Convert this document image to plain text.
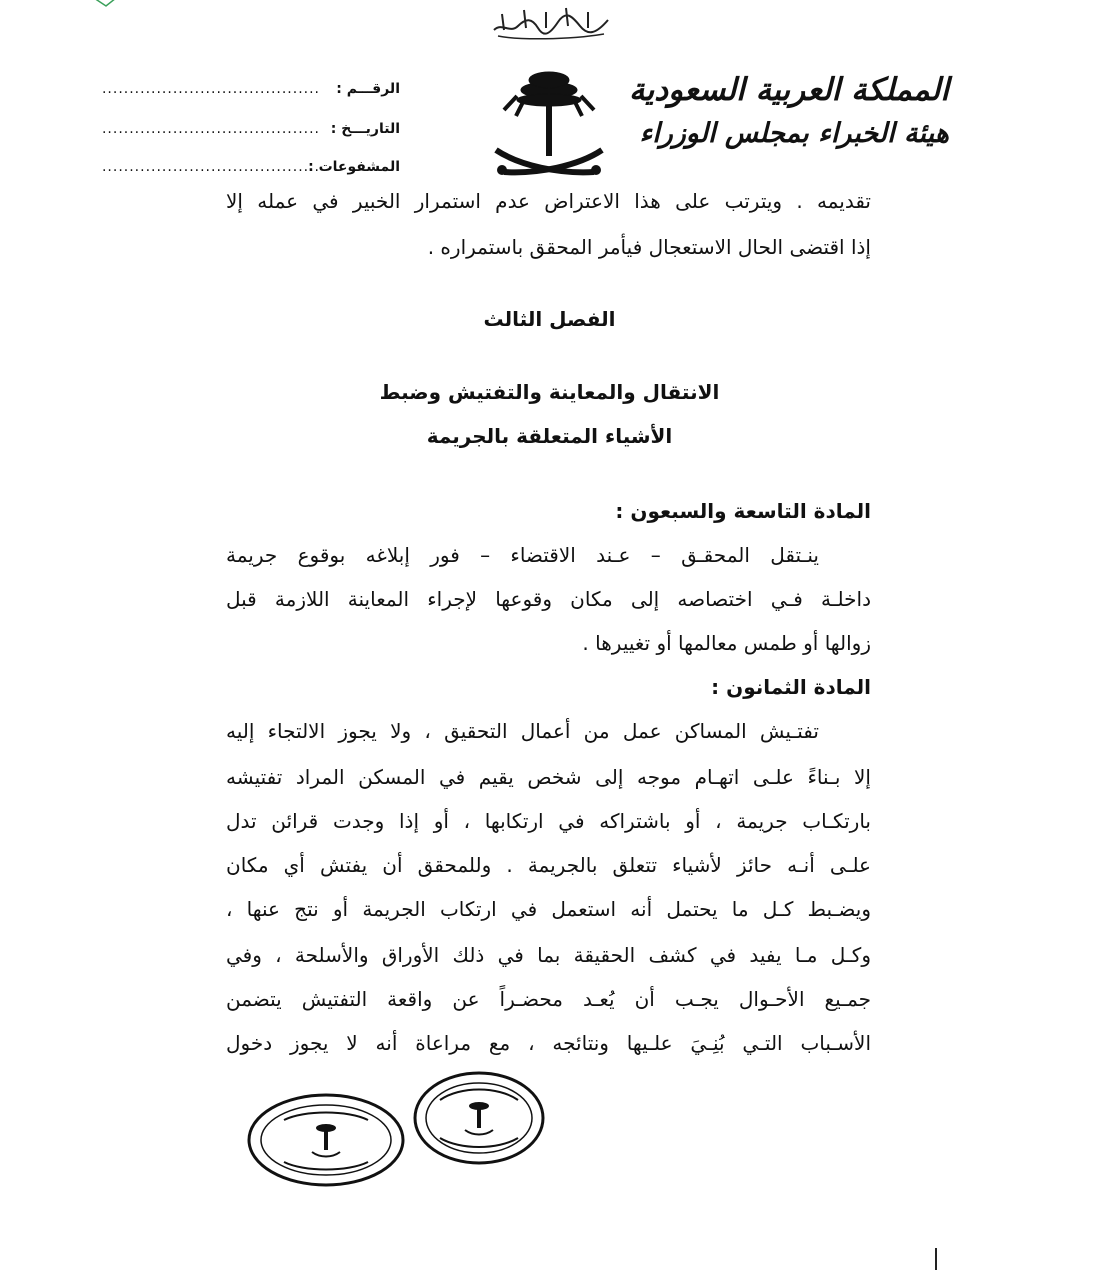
المملكة العربية السعودية
هيئة الخبراء بمجلس الوزراء
الرقـــم :........................................
التاريـــخ :........................................
المشفوعات :........................................
تقديمه . ويترتب على هذا الاعتراض عدم استمرار الخبير في عمله إلا
إذا اقتضى الحال الاستعجال فيأمر المحقق باستمراره .
الفصل الثالث
الانتقال والمعاينة والتفتيش وضبط
الأشياء المتعلقة بالجريمة
المادة التاسعة والسبعون :
ينـتقل المحقـق – عـند الاقتضاء – فور إبلاغه بوقوع جريمة
داخلـة فـي اختصاصه إلى مكان وقوعها لإجراء المعاينة اللازمة قبل
زوالها أو طمس معالمها أو تغييرها .
المادة الثمانون :
تفتـيش المساكن عمل من أعمال التحقيق ، ولا يجوز الالتجاء إليه
إلا بـناءً علـى اتهـام موجه إلى شخص يقيم في المسكن المراد تفتيشه
بارتكـاب جريمة ، أو باشتراكه في ارتكابها ، أو إذا وجدت قرائن تدل
علـى أنـه حائز لأشياء تتعلق بالجريمة . وللمحقق أن يفتش أي مكان
ويضـبط كـل ما يحتمل أنه استعمل في ارتكاب الجريمة أو نتج عنها ،
وكـل مـا يفيد في كشف الحقيقة بما في ذلك الأوراق والأسلحة ، وفي
جمـيع الأحـوال يجـب أن يُعـد محضـراً عن واقعة التفتيش يتضمن
الأسـباب التـي بُنِـيَ علـيها ونتائجه ، مع مراعاة أنه لا يجوز دخول
